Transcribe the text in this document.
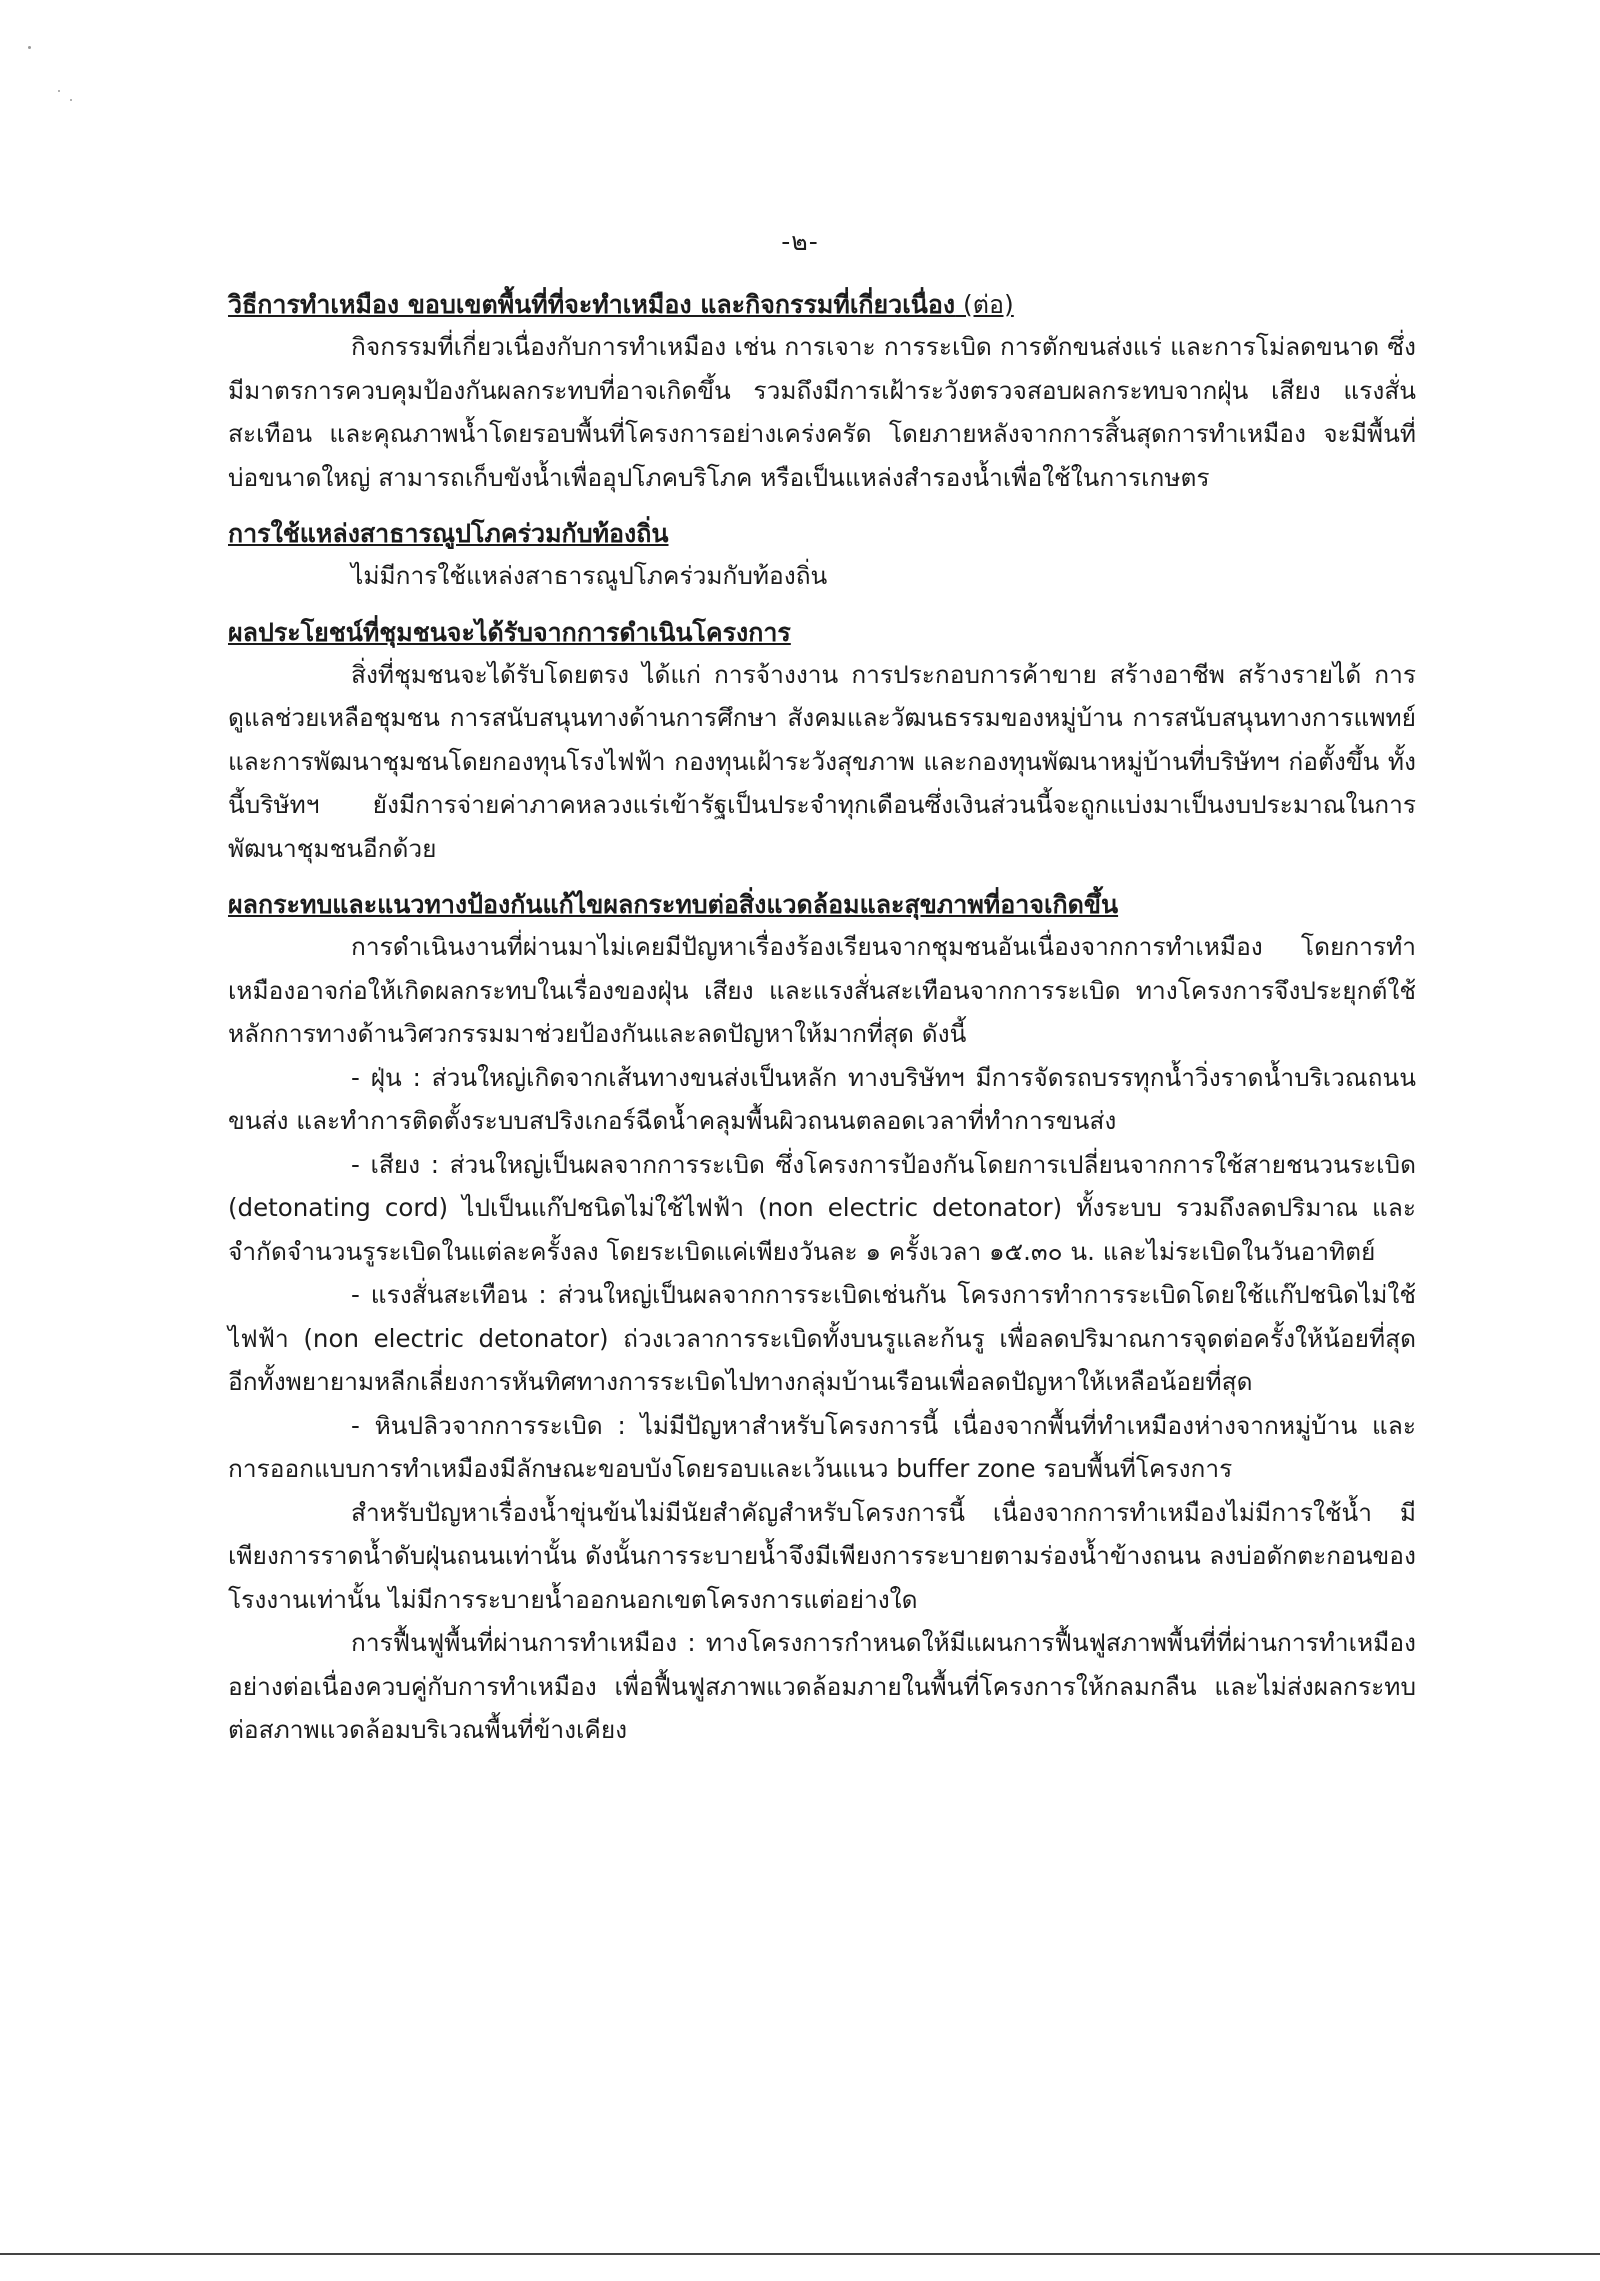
-๒-
วิธีการทำเหมือง ขอบเขตพื้นที่ที่จะทำเหมือง และกิจกรรมที่เกี่ยวเนื่อง (ต่อ)

กิจกรรมที่เกี่ยวเนื่องกับการทำเหมือง เช่น การเจาะ การระเบิด การตักขนส่งแร่ และการโม่ลดขนาด ซึ่งมีมาตรการควบคุมป้องกันผลกระทบที่อาจเกิดขึ้น รวมถึงมีการเฝ้าระวังตรวจสอบผลกระทบจากฝุ่น เสียง แรงสั่นสะเทือน และคุณภาพน้ำโดยรอบพื้นที่โครงการอย่างเคร่งครัด โดยภายหลังจากการสิ้นสุดการทำเหมือง จะมีพื้นที่บ่อขนาดใหญ่ สามารถเก็บขังน้ำเพื่ออุปโภคบริโภค หรือเป็นแหล่งสำรองน้ำเพื่อใช้ในการเกษตร

การใช้แหล่งสาธารณูปโภคร่วมกับท้องถิ่น

ไม่มีการใช้แหล่งสาธารณูปโภคร่วมกับท้องถิ่น

ผลประโยชน์ที่ชุมชนจะได้รับจากการดำเนินโครงการ

สิ่งที่ชุมชนจะได้รับโดยตรง ได้แก่ การจ้างงาน การประกอบการค้าขาย สร้างอาชีพ สร้างรายได้ การดูแลช่วยเหลือชุมชน การสนับสนุนทางด้านการศึกษา สังคมและวัฒนธรรมของหมู่บ้าน การสนับสนุนทางการแพทย์และการพัฒนาชุมชนโดยกองทุนโรงไฟฟ้า กองทุนเฝ้าระวังสุขภาพ และกองทุนพัฒนาหมู่บ้านที่บริษัทฯ ก่อตั้งขึ้น ทั้งนี้บริษัทฯ ยังมีการจ่ายค่าภาคหลวงแร่เข้ารัฐเป็นประจำทุกเดือนซึ่งเงินส่วนนี้จะถูกแบ่งมาเป็นงบประมาณในการพัฒนาชุมชนอีกด้วย

ผลกระทบและแนวทางป้องกันแก้ไขผลกระทบต่อสิ่งแวดล้อมและสุขภาพที่อาจเกิดขึ้น

การดำเนินงานที่ผ่านมาไม่เคยมีปัญหาเรื่องร้องเรียนจากชุมชนอันเนื่องจากการทำเหมือง โดยการทำเหมืองอาจก่อให้เกิดผลกระทบในเรื่องของฝุ่น เสียง และแรงสั่นสะเทือนจากการระเบิด ทางโครงการจึงประยุกต์ใช้หลักการทางด้านวิศวกรรมมาช่วยป้องกันและลดปัญหาให้มากที่สุด ดังนี้

- ฝุ่น : ส่วนใหญ่เกิดจากเส้นทางขนส่งเป็นหลัก ทางบริษัทฯ มีการจัดรถบรรทุกน้ำวิ่งราดน้ำบริเวณถนนขนส่ง และทำการติดตั้งระบบสปริงเกอร์ฉีดน้ำคลุมพื้นผิวถนนตลอดเวลาที่ทำการขนส่ง

- เสียง : ส่วนใหญ่เป็นผลจากการระเบิด ซึ่งโครงการป้องกันโดยการเปลี่ยนจากการใช้สายชนวนระเบิด (detonating cord) ไปเป็นแก๊ปชนิดไม่ใช้ไฟฟ้า (non electric detonator) ทั้งระบบ รวมถึงลดปริมาณ และจำกัดจำนวนรูระเบิดในแต่ละครั้งลง โดยระเบิดแค่เพียงวันละ ๑ ครั้งเวลา ๑๕.๓๐ น. และไม่ระเบิดในวันอาทิตย์

- แรงสั่นสะเทือน : ส่วนใหญ่เป็นผลจากการระเบิดเช่นกัน โครงการทำการระเบิดโดยใช้แก๊ปชนิดไม่ใช้ไฟฟ้า (non electric detonator) ถ่วงเวลาการระเบิดทั้งบนรูและก้นรู เพื่อลดปริมาณการจุดต่อครั้งให้น้อยที่สุด อีกทั้งพยายามหลีกเลี่ยงการหันทิศทางการระเบิดไปทางกลุ่มบ้านเรือนเพื่อลดปัญหาให้เหลือน้อยที่สุด

- หินปลิวจากการระเบิด : ไม่มีปัญหาสำหรับโครงการนี้ เนื่องจากพื้นที่ทำเหมืองห่างจากหมู่บ้าน และการออกแบบการทำเหมืองมีลักษณะขอบบังโดยรอบและเว้นแนว buffer zone รอบพื้นที่โครงการ

สำหรับปัญหาเรื่องน้ำขุ่นข้นไม่มีนัยสำคัญสำหรับโครงการนี้ เนื่องจากการทำเหมืองไม่มีการใช้น้ำ มีเพียงการราดน้ำดับฝุ่นถนนเท่านั้น ดังนั้นการระบายน้ำจึงมีเพียงการระบายตามร่องน้ำข้างถนน ลงบ่อดักตะกอนของโรงงานเท่านั้น ไม่มีการระบายน้ำออกนอกเขตโครงการแต่อย่างใด

การฟื้นฟูพื้นที่ผ่านการทำเหมือง : ทางโครงการกำหนดให้มีแผนการฟื้นฟูสภาพพื้นที่ที่ผ่านการทำเหมืองอย่างต่อเนื่องควบคู่กับการทำเหมือง เพื่อฟื้นฟูสภาพแวดล้อมภายในพื้นที่โครงการให้กลมกลืน และไม่ส่งผลกระทบต่อสภาพแวดล้อมบริเวณพื้นที่ข้างเคียง
